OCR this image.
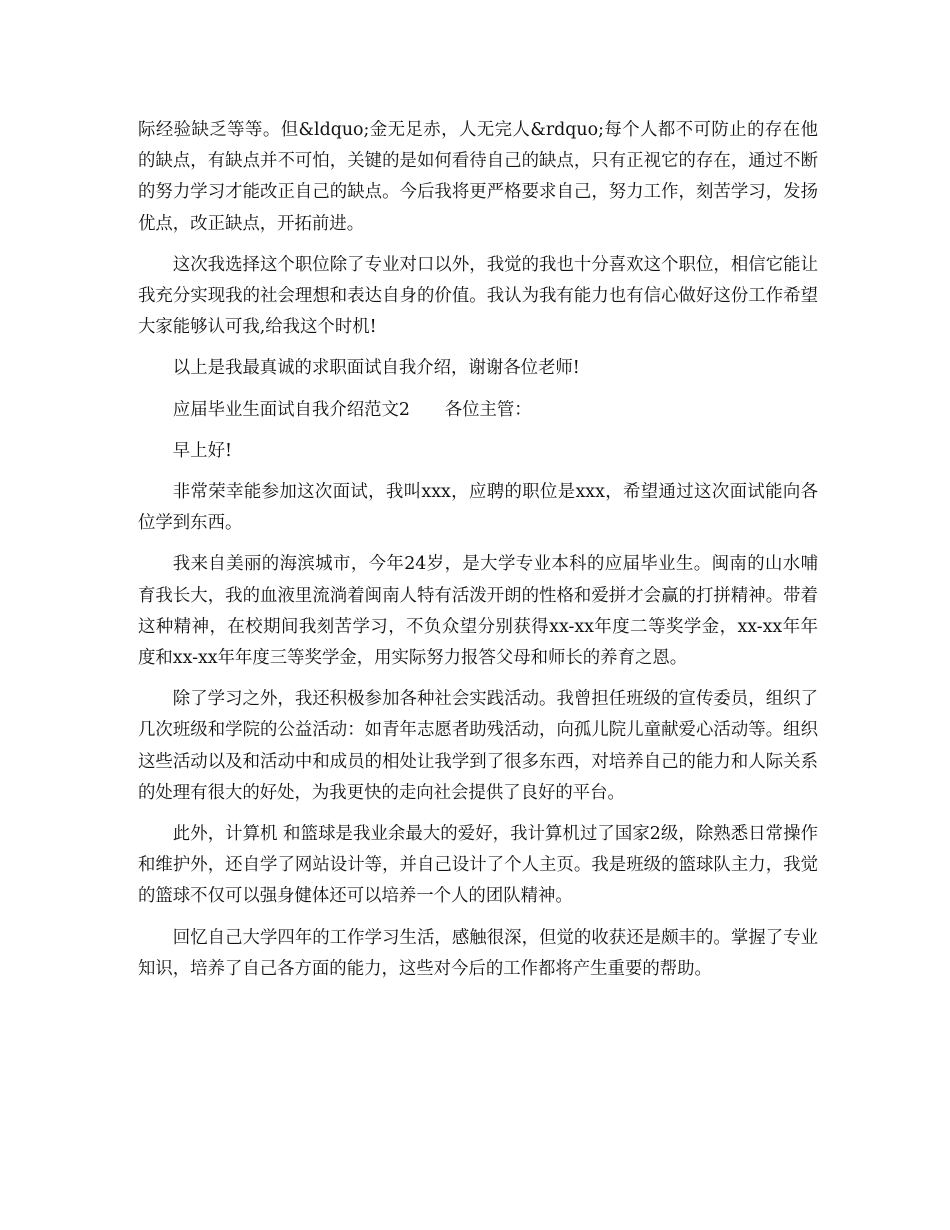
际经验缺乏等等。但&ldquo;金无足赤，人无完人&rdquo;每个人都不可防止的存在他的缺点，有缺点并不可怕，关键的是如何看待自己的缺点，只有正视它的存在，通过不断的努力学习才能改正自己的缺点。今后我将更严格要求自己，努力工作，刻苦学习，发扬优点，改正缺点，开拓前进。

这次我选择这个职位除了专业对口以外，我觉的我也十分喜欢这个职位，相信它能让我充分实现我的社会理想和表达自身的价值。我认为我有能力也有信心做好这份工作希望大家能够认可我,给我这个时机!

以上是我最真诚的求职面试自我介绍，谢谢各位老师!

应届毕业生面试自我介绍范文2　　各位主管：

早上好!

非常荣幸能参加这次面试，我叫xxx，应聘的职位是xxx，希望通过这次面试能向各位学到东西。

我来自美丽的海滨城市，今年24岁，是大学专业本科的应届毕业生。闽南的山水哺育我长大，我的血液里流淌着闽南人特有活泼开朗的性格和爱拼才会赢的打拼精神。带着这种精神，在校期间我刻苦学习，不负众望分别获得xx-xx年度二等奖学金，xx-xx年年度和xx-xx年年度三等奖学金，用实际努力报答父母和师长的养育之恩。

除了学习之外，我还积极参加各种社会实践活动。我曾担任班级的宣传委员，组织了几次班级和学院的公益活动：如青年志愿者助残活动，向孤儿院儿童献爱心活动等。组织这些活动以及和活动中和成员的相处让我学到了很多东西，对培养自己的能力和人际关系的处理有很大的好处，为我更快的走向社会提供了良好的平台。

此外，计算机 和篮球是我业余最大的爱好，我计算机过了国家2级，除熟悉日常操作和维护外，还自学了网站设计等，并自己设计了个人主页。我是班级的篮球队主力，我觉的篮球不仅可以强身健体还可以培养一个人的团队精神。

回忆自己大学四年的工作学习生活，感触很深，但觉的收获还是颇丰的。掌握了专业知识，培养了自己各方面的能力，这些对今后的工作都将产生重要的帮助。
